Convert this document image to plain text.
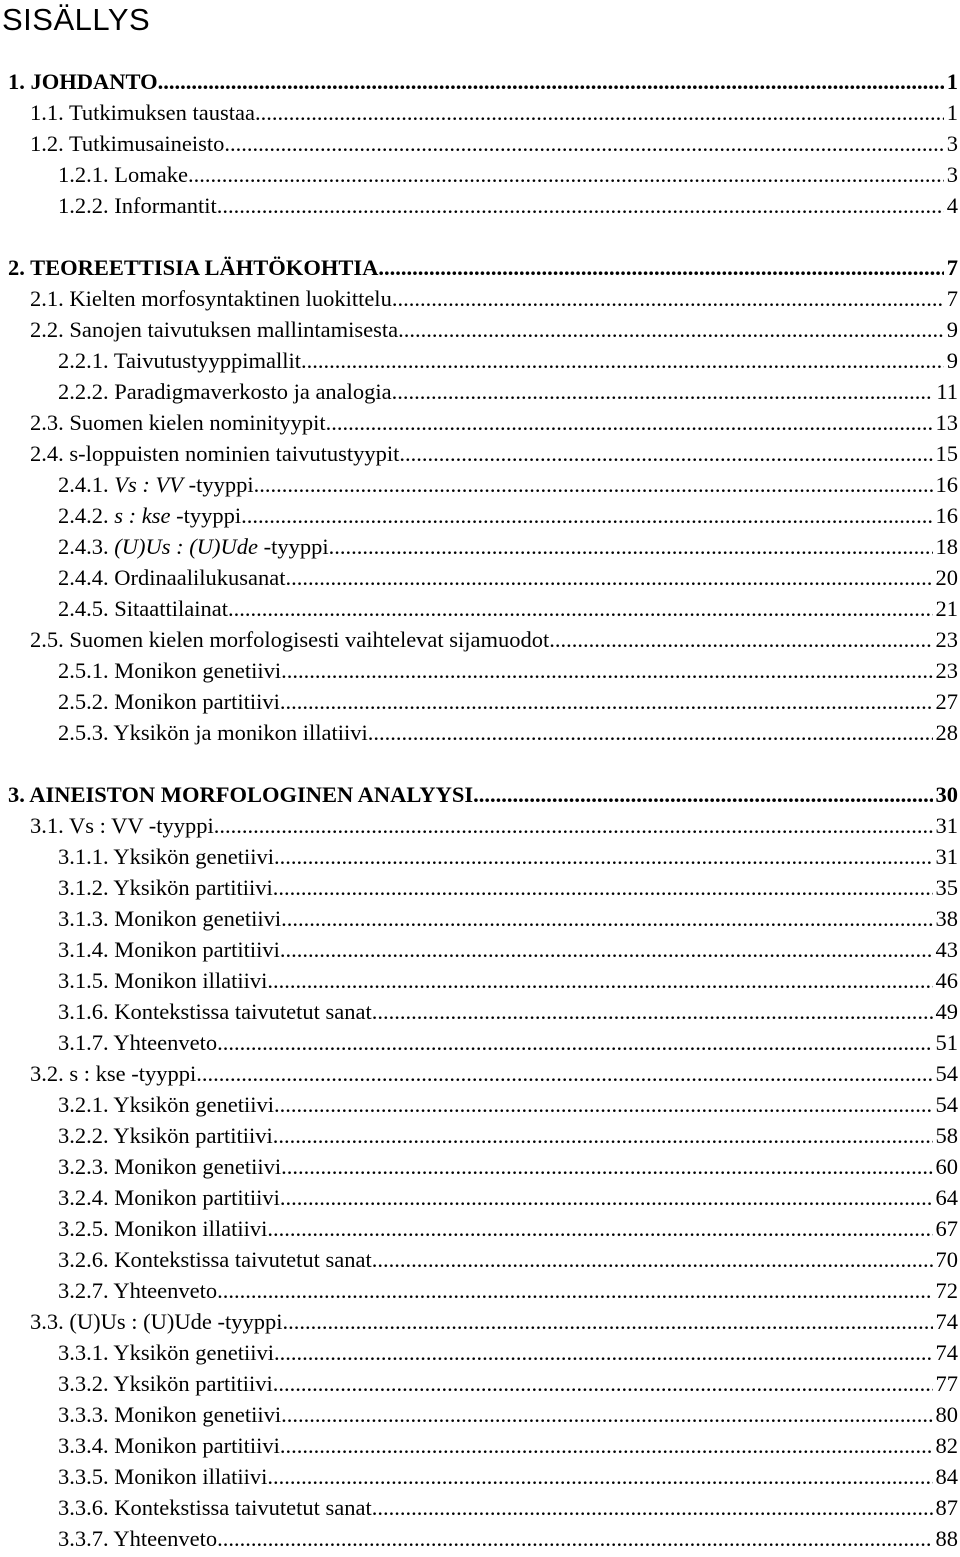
SISÄLLYS
1. JOHDANTO .....	1
1.1. Tutkimuksen taustaa .....	1
1.2. Tutkimusaineisto .....	3
1.2.1. Lomake .....	3
1.2.2. Informantit .....	4
2. TEOREETTISIA LÄHTÖKOHTIA .....	7
2.1. Kielten morfosyntaktinen luokittelu .....	7
2.2. Sanojen taivutuksen mallintamisesta .....	9
2.2.1. Taivutustyyppimallit .....	9
2.2.2. Paradigmaverkosto ja analogia .....	11
2.3. Suomen kielen nominityypit .....	13
2.4. s-loppuisten nominien taivutustyypit .....	15
2.4.1. Vs : VV -tyyppi .....	16
2.4.2. s : kse -tyyppi .....	16
2.4.3. (U)Us : (U)Ude -tyyppi .....	18
2.4.4. Ordinaalilukusanat .....	20
2.4.5. Sitaattilainat .....	21
2.5. Suomen kielen morfologisesti vaihtelevat sijamuodot .....	23
2.5.1. Monikon genetiivi .....	23
2.5.2. Monikon partitiivi .....	27
2.5.3. Yksikön ja monikon illatiivi .....	28
3. AINEISTON MORFOLOGINEN ANALYYSI .....	30
3.1. Vs : VV -tyyppi .....	31
3.1.1. Yksikön genetiivi .....	31
3.1.2. Yksikön partitiivi .....	35
3.1.3. Monikon genetiivi .....	38
3.1.4. Monikon partitiivi .....	43
3.1.5. Monikon illatiivi .....	46
3.1.6. Kontekstissa taivutetut sanat .....	49
3.1.7. Yhteenveto .....	51
3.2. s : kse -tyyppi .....	54
3.2.1. Yksikön genetiivi .....	54
3.2.2. Yksikön partitiivi .....	58
3.2.3. Monikon genetiivi .....	60
3.2.4. Monikon partitiivi .....	64
3.2.5. Monikon illatiivi .....	67
3.2.6. Kontekstissa taivutetut sanat .....	70
3.2.7. Yhteenveto .....	72
3.3. (U)Us : (U)Ude -tyyppi .....	74
3.3.1. Yksikön genetiivi .....	74
3.3.2. Yksikön partitiivi .....	77
3.3.3. Monikon genetiivi .....	80
3.3.4. Monikon partitiivi .....	82
3.3.5. Monikon illatiivi .....	84
3.3.6. Kontekstissa taivutetut sanat .....	87
3.3.7. Yhteenveto .....	88
